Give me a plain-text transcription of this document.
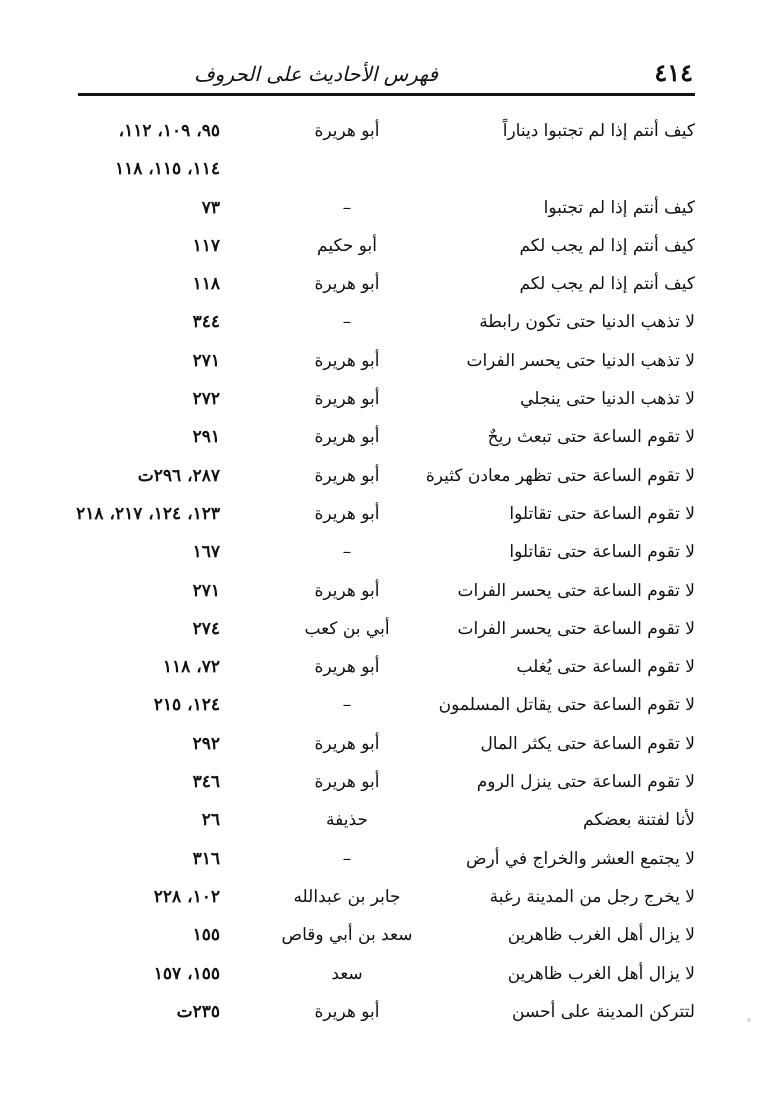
٤١٤
فهرس الأحاديث على الحروف
كيف أنتم إذا لم تجتبوا ديناراً
أبو هريرة
٩٥، ١٠٩، ١١٢،
١١٤، ١١٥، ١١٨
كيف أنتم إذا لم تجتبوا
–
٧٣
كيف أنتم إذا لم يجب لكم
أبو حكيم
١١٧
كيف أنتم إذا لم يجب لكم
أبو هريرة
١١٨
لا تذهب الدنيا حتى تكون رابطة
–
٣٤٤
لا تذهب الدنيا حتى يحسر الفرات
أبو هريرة
٢٧١
لا تذهب الدنيا حتى ينجلي
أبو هريرة
٢٧٢
لا تقوم الساعة حتى تبعث ريحٌ
أبو هريرة
٢٩١
لا تقوم الساعة حتى تظهر معادن كثيرة
أبو هريرة
٢٨٧، ٢٩٦ت
لا تقوم الساعة حتى تقاتلوا
أبو هريرة
١٢٣، ١٢٤، ٢١٧، ٢١٨
لا تقوم الساعة حتى تقاتلوا
–
١٦٧
لا تقوم الساعة حتى يحسر الفرات
أبو هريرة
٢٧١
لا تقوم الساعة حتى يحسر الفرات
أبي بن كعب
٢٧٤
لا تقوم الساعة حتى يُغلب
أبو هريرة
٧٢، ١١٨
لا تقوم الساعة حتى يقاتل المسلمون
–
١٢٤، ٢١٥
لا تقوم الساعة حتى يكثر المال
أبو هريرة
٢٩٢
لا تقوم الساعة حتى ينزل الروم
أبو هريرة
٣٤٦
لأنا لفتنة بعضكم
حذيفة
٢٦
لا يجتمع العشر والخراج في أرض
–
٣١٦
لا يخرج رجل من المدينة رغبة
جابر بن عبدالله
١٠٢، ٢٢٨
لا يزال أهل الغرب ظاهرين
سعد بن أبي وقاص
١٥٥
لا يزال أهل الغرب ظاهرين
سعد
١٥٥، ١٥٧
لتتركن المدينة على أحسن
أبو هريرة
٢٣٥ت
